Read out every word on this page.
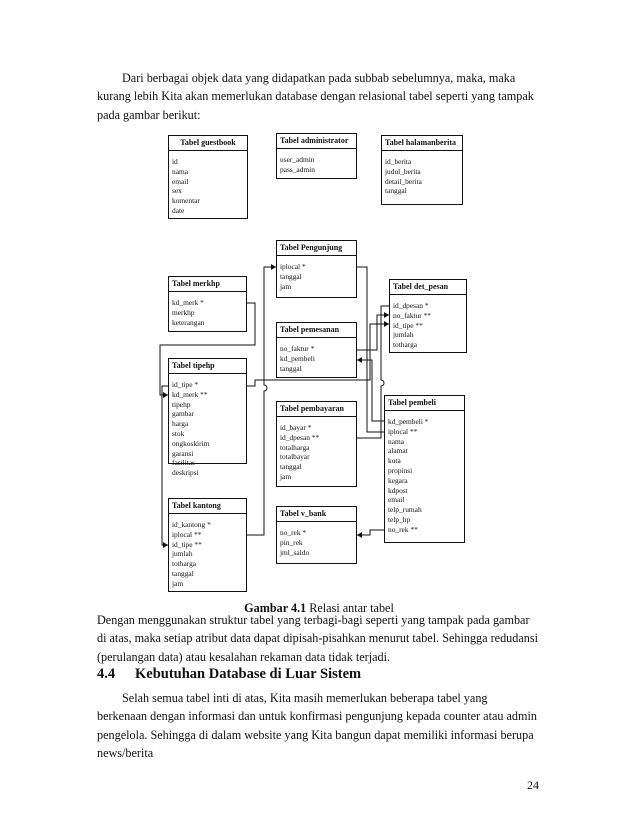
Dari berbagai objek data yang didapatkan pada subbab sebelumnya, maka, maka kurang lebih Kita akan memerlukan database dengan relasional tabel seperti yang tampak pada gambar berikut:

Tabel guestbook
id
nama
email
sex
komentar
date
Tabel administrator
user_admin
pass_admin
Tabel halamanberita
id_berita
judul_berita
detail_berita
tanggal
Tabel Pengunjung
iplocal *
tanggal
jam
Tabel merkhp
kd_merk *
merkhp
keterangan
Tabel det_pesan
id_dpesan *
no_faktur **
id_tipe **
jumlah
totharga
Tabel pemesanan
no_faktur *
kd_pembeli
tanggal
Tabel tipehp
id_tipe *
kd_merk **
tipehp
gambar
harga
stok
ongkoskirim
garansi
fasilitas
deskripsi
Tabel pembayaran
id_bayar *
id_dpesan **
totalharga
totalbayar
tanggal
jam
Tabel pembeli
kd_pembeli *
iplocal **
nama
alamat
kota
propinsi
kegara
kdpost
email
telp_rumah
telp_hp
no_rek **
Tabel kantong
id_kantong *
iplocal **
id_tipe **
jumlah
totharga
tanggal
jam
Tabel v_bank
no_rek *
pin_rek
jml_saldo
Gambar 4.1 Relasi antar tabel

Dengan menggunakan struktur tabel yang terbagi-bagi seperti yang tampak pada gambar di atas, maka setiap atribut data dapat dipisah-pisahkan menurut tabel. Sehingga redudansi (perulangan data) atau kesalahan rekaman data tidak terjadi.

4.4 Kebutuhan Database di Luar Sistem

Selah semua tabel inti di atas, Kita masih memerlukan beberapa tabel yang berkenaan dengan informasi dan untuk konfirmasi pengunjung kepada counter atau admin pengelola. Sehingga di dalam website yang Kita bangun dapat memiliki informasi berupa news/berita

24
